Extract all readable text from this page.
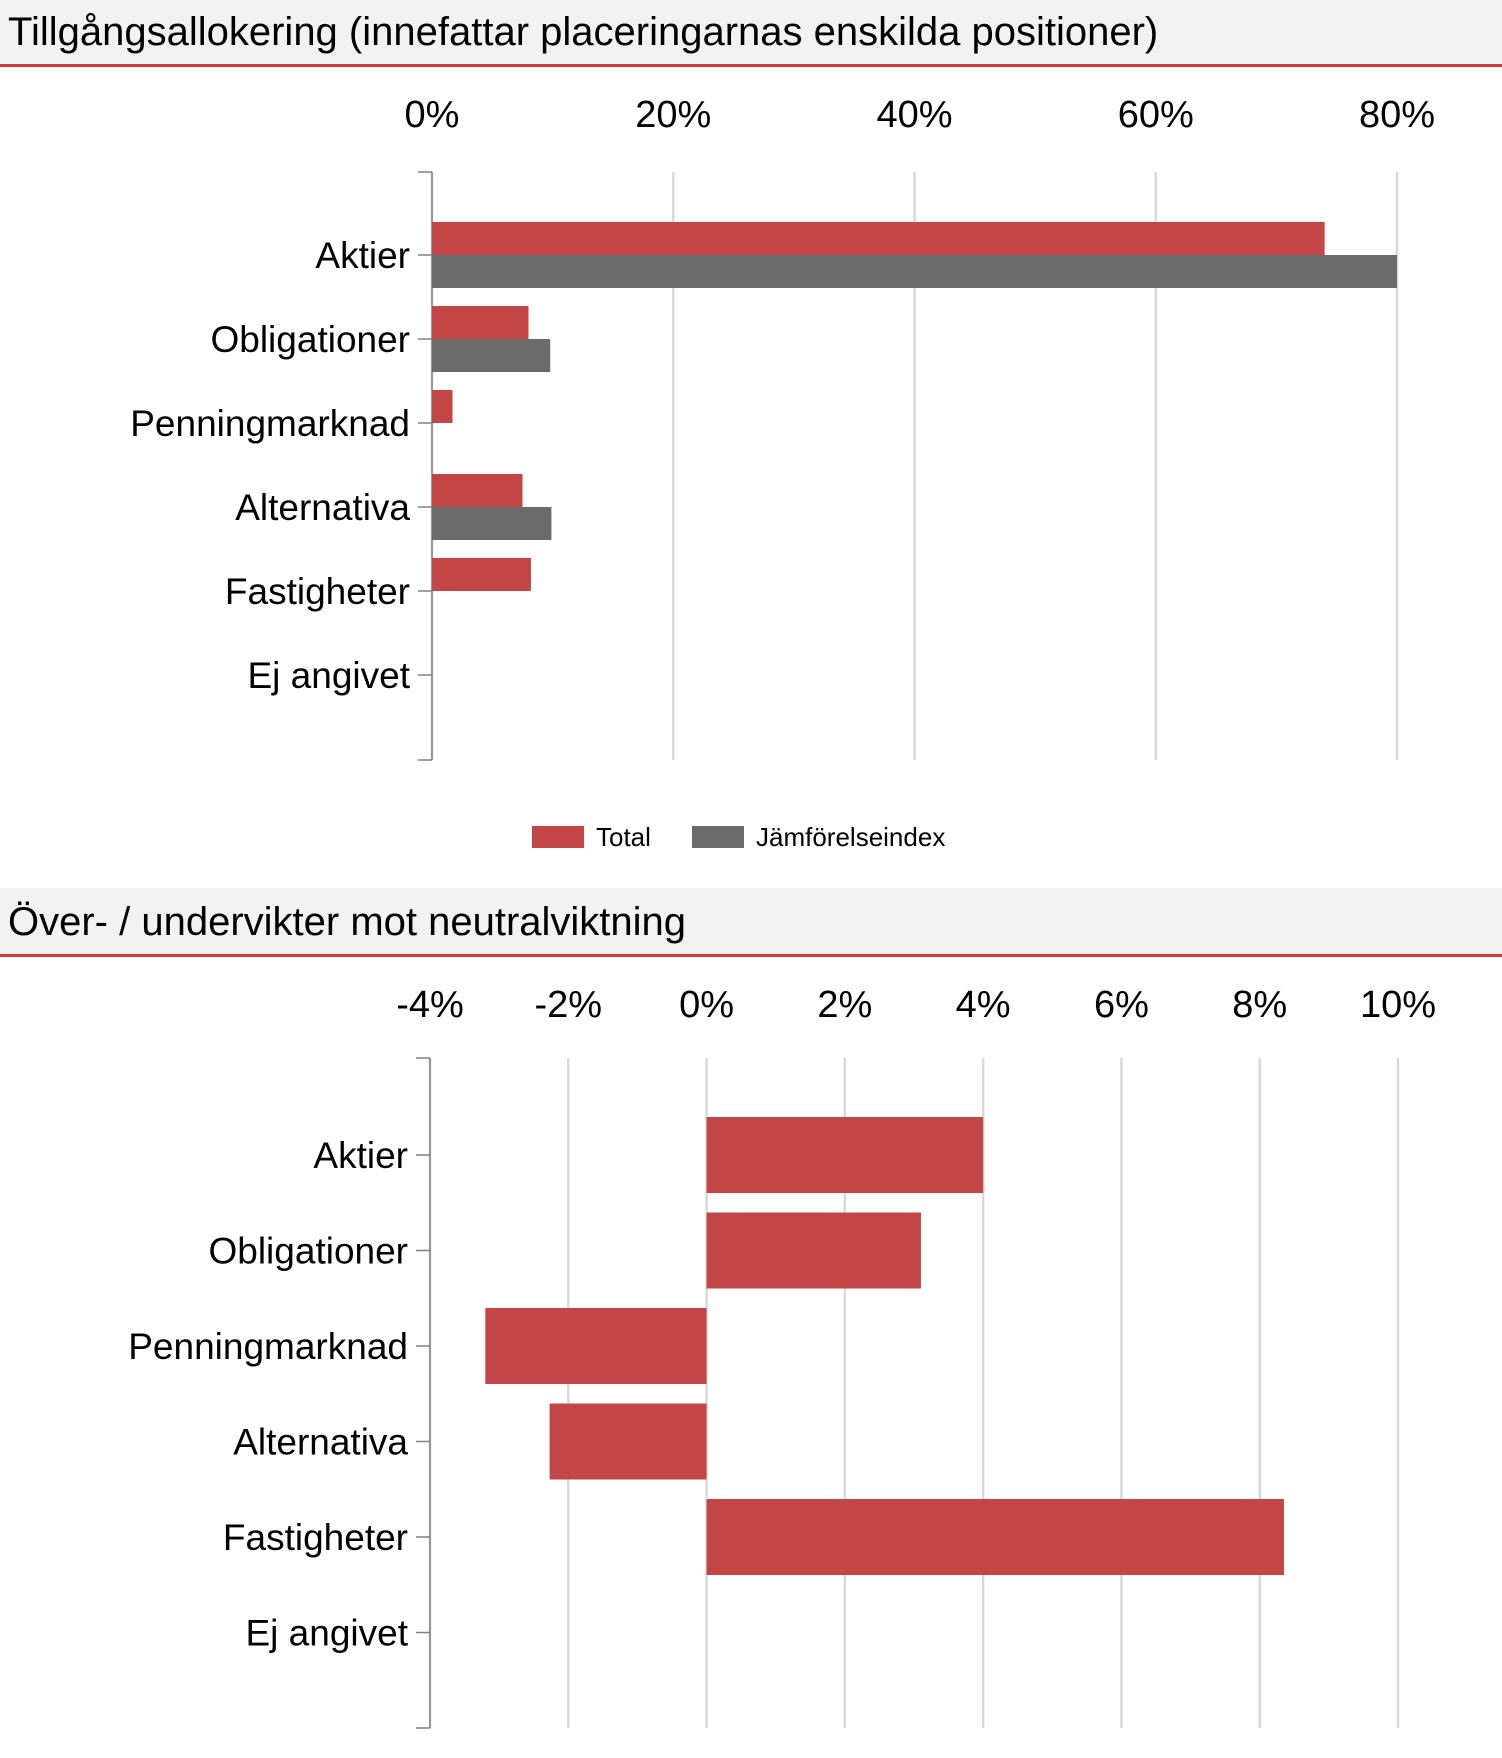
Tillgångsallokering (innefattar placeringarnas enskilda positioner)
0%	20%	40%	60%	80%
Aktier
Obligationer
Penningmarknad
Alternativa
Fastigheter
Ej angivet
Total	Jämförelseindex
Över- / undervikter mot neutralviktning
-4% -2% 0% 2% 4% 6% 8% 10%
Aktier
Obligationer
Penningmarknad
Alternativa
Fastigheter
Ej angivet
